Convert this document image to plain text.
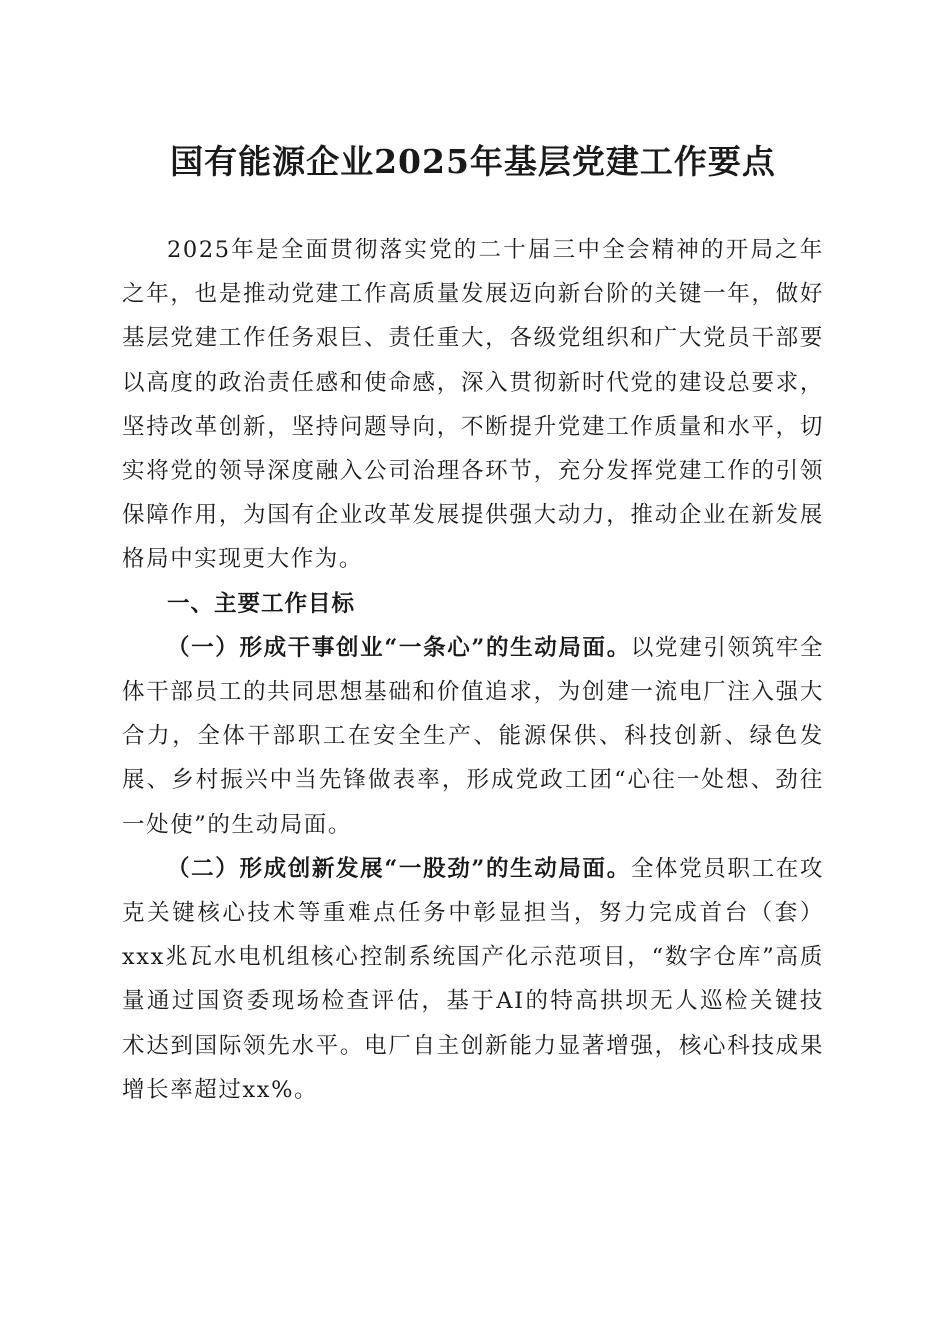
国有能源企业2025年基层党建工作要点

2025年是全面贯彻落实党的二十届三中全会精神的开局之年之年，也是推动党建工作高质量发展迈向新台阶的关键一年，做好基层党建工作任务艰巨、责任重大，各级党组织和广大党员干部要以高度的政治责任感和使命感，深入贯彻新时代党的建设总要求，坚持改革创新，坚持问题导向，不断提升党建工作质量和水平，切实将党的领导深度融入公司治理各环节，充分发挥党建工作的引领保障作用，为国有企业改革发展提供强大动力，推动企业在新发展格局中实现更大作为。

一、主要工作目标

（一）形成干事创业“一条心”的生动局面。以党建引领筑牢全体干部员工的共同思想基础和价值追求，为创建一流电厂注入强大合力，全体干部职工在安全生产、能源保供、科技创新、绿色发展、乡村振兴中当先锋做表率，形成党政工团“心往一处想、劲往一处使”的生动局面。

（二）形成创新发展“一股劲”的生动局面。全体党员职工在攻克关键核心技术等重难点任务中彰显担当，努力完成首台（套）xxx兆瓦水电机组核心控制系统国产化示范项目，“数字仓库”高质量通过国资委现场检查评估，基于AI的特高拱坝无人巡检关键技术达到国际领先水平。电厂自主创新能力显著增强，核心科技成果增长率超过xx%。
